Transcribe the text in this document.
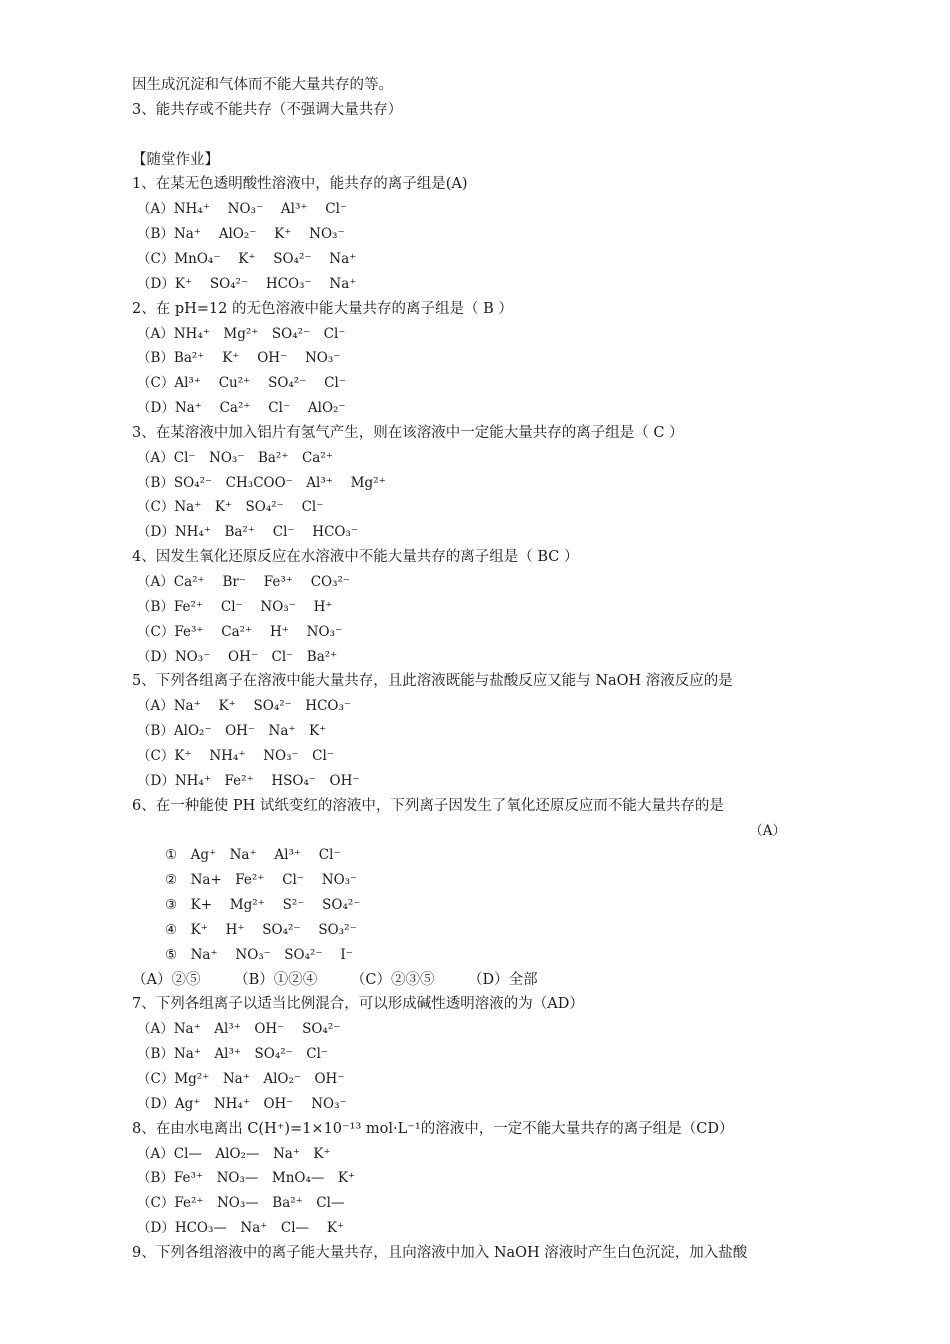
因生成沉淀和气体而不能大量共存的等。
3、能共存或不能共存（不强调大量共存）
【随堂作业】
1、在某无色透明酸性溶液中，能共存的离子组是(A)
（A）NH₄⁺　 NO₃⁻　 Al³⁺　 Cl⁻
（B）Na⁺　 AlO₂⁻　 K⁺　 NO₃⁻
（C）MnO₄⁻　 K⁺　 SO₄²⁻　 Na⁺
（D）K⁺　 SO₄²⁻　 HCO₃⁻　 Na⁺
2、在 pH=12 的无色溶液中能大量共存的离子组是（ B ）
（A）NH₄⁺　Mg²⁺　SO₄²⁻　Cl⁻
（B）Ba²⁺　 K⁺　 OH⁻　 NO₃⁻
（C）Al³⁺　 Cu²⁺　 SO₄²⁻　 Cl⁻
（D）Na⁺　 Ca²⁺　 Cl⁻　 AlO₂⁻
3、在某溶液中加入铝片有氢气产生，则在该溶液中一定能大量共存的离子组是（ C ）
（A）Cl⁻　NO₃⁻　Ba²⁺　Ca²⁺
（B）SO₄²⁻　CH₃COO⁻　Al³⁺　 Mg²⁺
（C）Na⁺　K⁺　SO₄²⁻　 Cl⁻
（D）NH₄⁺　Ba²⁺　 Cl⁻　 HCO₃⁻
4、因发生氧化还原反应在水溶液中不能大量共存的离子组是（ BC ）
（A）Ca²⁺　 Br⁻　 Fe³⁺　 CO₃²⁻
（B）Fe²⁺　 Cl⁻　 NO₃⁻　 H⁺
（C）Fe³⁺　 Ca²⁺　 H⁺　 NO₃⁻
（D）NO₃⁻　 OH⁻　Cl⁻　Ba²⁺
5、下列各组离子在溶液中能大量共存，且此溶液既能与盐酸反应又能与 NaOH 溶液反应的是
（A）Na⁺　 K⁺　 SO₄²⁻　HCO₃⁻
（B）AlO₂⁻　OH⁻　Na⁺　K⁺
（C）K⁺　 NH₄⁺　 NO₃⁻　Cl⁻
（D）NH₄⁺　Fe²⁺　 HSO₄⁻　OH⁻
6、在一种能使 PH 试纸变红的溶液中，下列离子因发生了氧化还原反应而不能大量共存的是
（A）
①　Ag⁺　Na⁺　 Al³⁺　 Cl⁻
②　Na+　Fe²⁺　 Cl⁻　 NO₃⁻
③　K+　 Mg²⁺　 S²⁻　 SO₄²⁻
④　K⁺　 H⁺　 SO₄²⁻　 SO₃²⁻
⑤　Na⁺　 NO₃⁻　SO₄²⁻　 I⁻
（A）②⑤　　 （B）①②④　　 （C）②③⑤　　 （D）全部
7、下列各组离子以适当比例混合，可以形成碱性透明溶液的为（AD）
（A）Na⁺　Al³⁺　OH⁻　 SO₄²⁻
（B）Na⁺　Al³⁺　SO₄²⁻　Cl⁻
（C）Mg²⁺　Na⁺　AlO₂⁻　OH⁻
（D）Ag⁺　NH₄⁺　OH⁻　 NO₃⁻
8、在由水电离出 C(H⁺)=1×10⁻¹³ mol·L⁻¹的溶液中，一定不能大量共存的离子组是（CD）
（A）Cl—　AlO₂—　Na⁺　K⁺
（B）Fe³⁺　NO₃—　MnO₄—　K⁺
（C）Fe²⁺　NO₃—　Ba²⁺　Cl—
（D）HCO₃—　Na⁺　Cl—　 K⁺
9、下列各组溶液中的离子能大量共存，且向溶液中加入 NaOH 溶液时产生白色沉淀，加入盐酸
